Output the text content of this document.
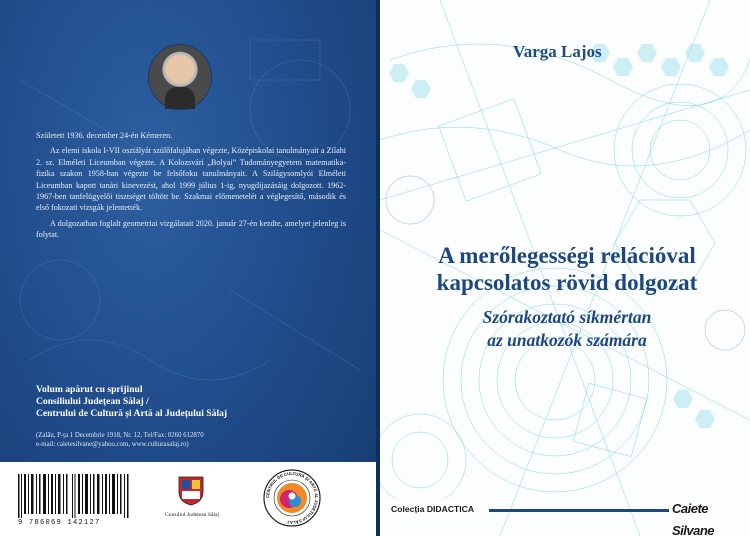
Született 1936. december 24-én Kémeren.

Az elemi iskola I-VII osztályát szülőfalujában végezte, Középiskolai tanulmányait a Zilahi 2. sz. Elméleti Liceumban végezte. A Kolozsvári „Bolyai” Tudományegyetem matematika-fizika szakon 1958-ban végezte be felsőfoku tanulmányait. A Szilágysomlyói Elméleti Liceumban kapott tanári kinevezést, ahol 1999 július 1-ig, nyugdíjazásáig dolgozott. 1962-1967-ben tanfelügyelői tisztséget töltött be. Szakmai előmenetelét a véglegesítő, második és első fokozati vizsgák jelentették.

A dolgozatban foglalt geometriai vizgálatait 2020. január 27-én kezdte, amelyet jelenleg is folytat.

Volum apărut cu sprijinul
Consiliului Județean Sălaj /
Centrului de Cultură și Artă al Județului Sălaj
(Zalău, P-ța 1 Decembrie 1918, Nr. 12, Tel/Fax: 0260 612870
e-mail: caietesilvane@yahoo.com, www.culturasalaj.ro)
9 786069 142127
Consiliul Județean Sălaj
CENTRUL DE CULTURĂ ȘI ARTĂ AL JUDEȚULUI SĂLAJ
Varga Lajos
A merőlegességi relációval
kapcsolatos rövid dolgozat
Szórakoztató síkmértan
az unatkozók számára
Colecția DIDACTICA	Caiete Silvane
